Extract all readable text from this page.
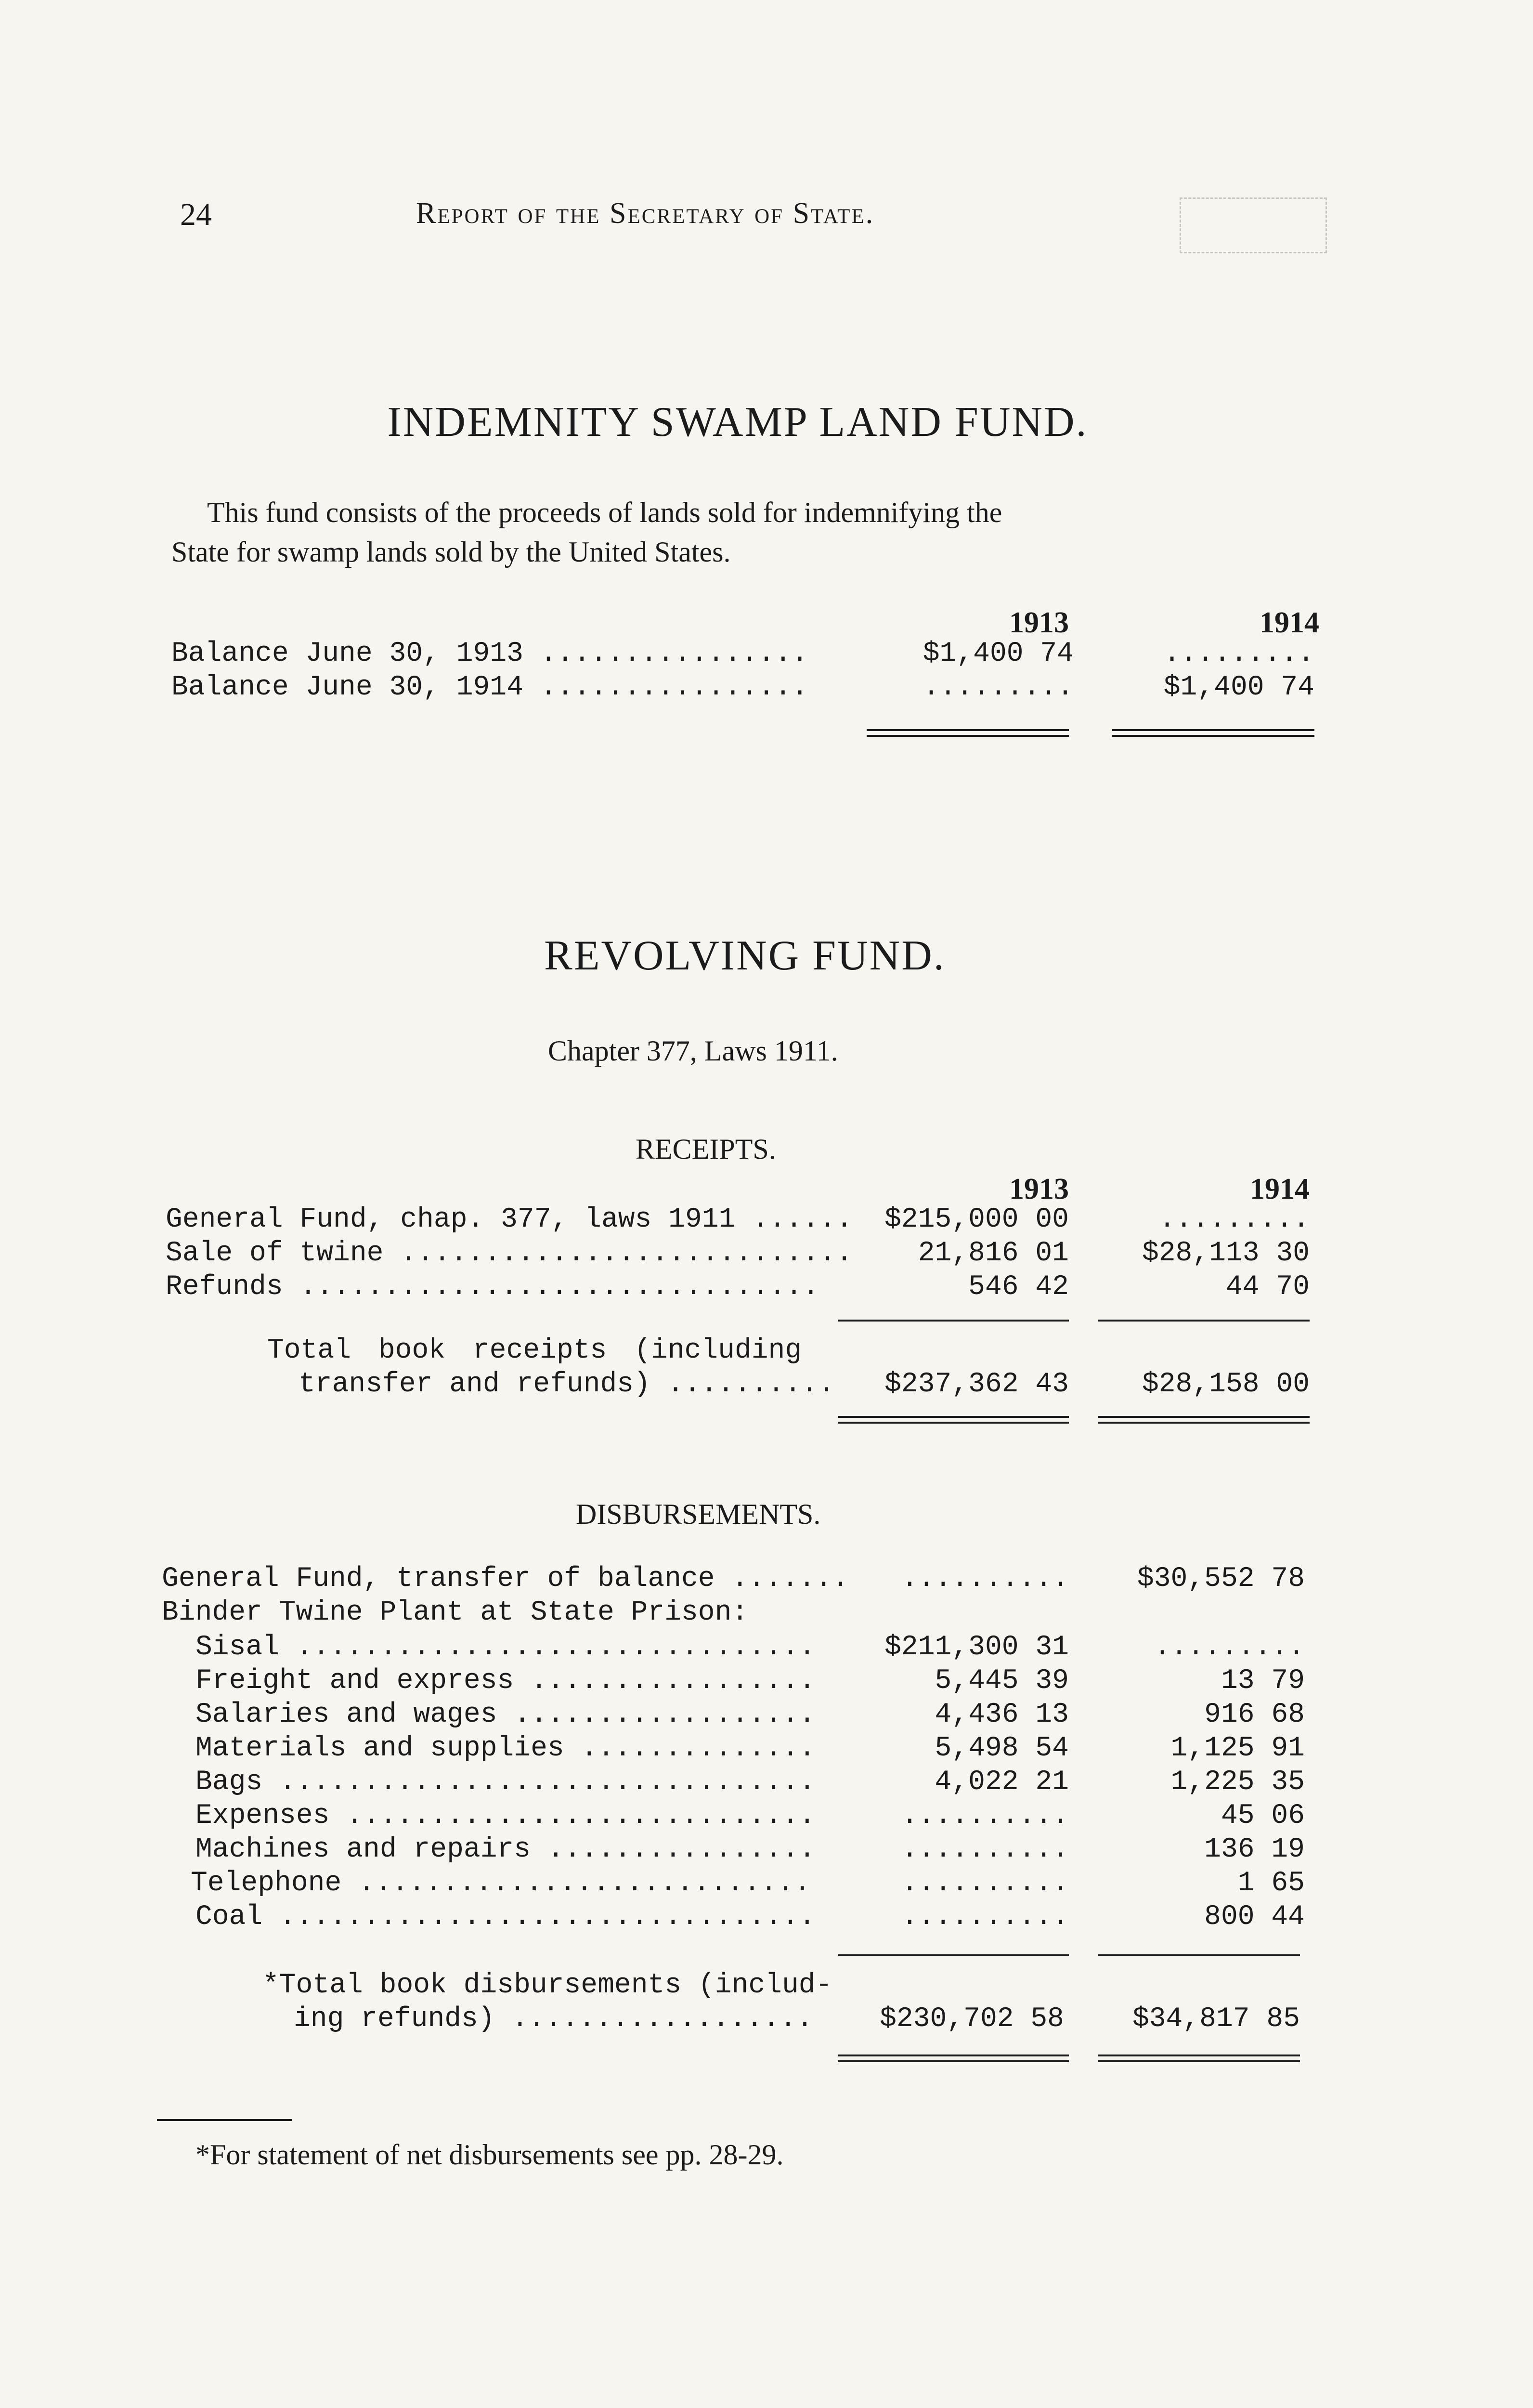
24	Report of the Secretary of State.
INDEMNITY SWAMP LAND FUND.
This fund consists of the proceeds of lands sold for indemnifying the
State for swamp lands sold by the United States.
1913	1914
Balance June 30, 1913 ................	$1,400 74	.........
Balance June 30, 1914 ................	.........	$1,400 74
REVOLVING FUND.
Chapter 377, Laws 1911.
RECEIPTS.
1913	1914
General Fund, chap. 377, laws 1911 ......	$215,000 00	.........
Sale of twine ...........................	21,816 01	$28,113 30
Refunds ...............................	546 42	44 70
Total book receipts (including
transfer and refunds) ..........	$237,362 43	$28,158 00
DISBURSEMENTS.
General Fund, transfer of balance .......	..........	$30,552 78
Binder Twine Plant at State Prison:
Sisal ...............................	$211,300 31	.........
Freight and express .................	5,445 39	13 79
Salaries and wages ..................	4,436 13	916 68
Materials and supplies ..............	5,498 54	1,125 91
Bags ................................	4,022 21	1,225 35
Expenses ............................	..........	45 06
Machines and repairs ................	..........	136 19
Telephone ...........................	..........	1 65
Coal ................................	..........	800 44
*Total book disbursements (includ-
ing refunds) ..................	$230,702 58	$34,817 85
*For statement of net disbursements see pp. 28-29.
